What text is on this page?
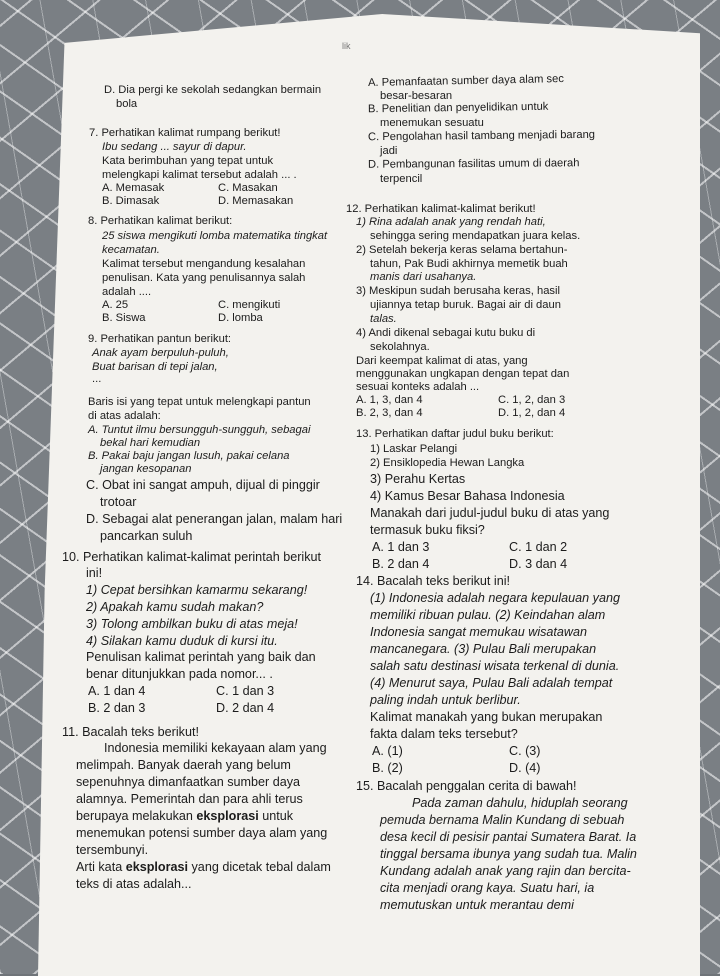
lik
D. Dia pergi ke sekolah sedangkan bermain
bola
7. Perhatikan kalimat rumpang berikut!
Ibu sedang ... sayur di dapur.
Kata berimbuhan yang tepat untuk
melengkapi kalimat tersebut adalah ... .
A. Memasak
B. Dimasak
C. Masakan
D. Memasakan
8. Perhatikan kalimat berikut:
25 siswa mengikuti lomba matematika tingkat
kecamatan.
Kalimat tersebut mengandung kesalahan
penulisan. Kata yang penulisannya salah
adalah ....
A. 25
B. Siswa
C. mengikuti
D. lomba
9. Perhatikan pantun berikut:
Anak ayam berpuluh-puluh,
Buat barisan di tepi jalan,
...
Baris isi yang tepat untuk melengkapi pantun
di atas adalah:
A. Tuntut ilmu bersungguh-sungguh, sebagai
bekal hari kemudian
B. Pakai baju jangan lusuh, pakai celana
jangan kesopanan
C. Obat ini sangat ampuh, dijual di pinggir
trotoar
D. Sebagai alat penerangan jalan, malam hari
pancarkan suluh
10. Perhatikan kalimat-kalimat perintah berikut
ini!
1) Cepat bersihkan kamarmu sekarang!
2) Apakah kamu sudah makan?
3) Tolong ambilkan buku di atas meja!
4) Silakan kamu duduk di kursi itu.
Penulisan kalimat perintah yang baik dan
benar ditunjukkan pada nomor... .
A. 1 dan 4
B. 2 dan 3
C. 1 dan 3
D. 2 dan 4
11. Bacalah teks berikut!
Indonesia memiliki kekayaan alam yang
melimpah. Banyak daerah yang belum
sepenuhnya dimanfaatkan sumber daya
alamnya. Pemerintah dan para ahli terus
berupaya melakukan eksplorasi untuk
menemukan potensi sumber daya alam yang
tersembunyi.
Arti kata eksplorasi yang dicetak tebal dalam
teks di atas adalah...
A. Pemanfaatan sumber daya alam sec
besar-besaran
B. Penelitian dan penyelidikan untuk
menemukan sesuatu
C. Pengolahan hasil tambang menjadi barang
jadi
D. Pembangunan fasilitas umum di daerah
terpencil
12. Perhatikan kalimat-kalimat berikut!
1) Rina adalah anak yang rendah hati,
sehingga sering mendapatkan juara kelas.
2) Setelah bekerja keras selama bertahun-
tahun, Pak Budi akhirnya memetik buah
manis dari usahanya.
3) Meskipun sudah berusaha keras, hasil
ujiannya tetap buruk. Bagai air di daun
talas.
4) Andi dikenal sebagai kutu buku di
sekolahnya.
Dari keempat kalimat di atas, yang
menggunakan ungkapan dengan tepat dan
sesuai konteks adalah ...
A. 1, 3, dan 4
B. 2, 3, dan 4
C. 1, 2, dan 3
D. 1, 2, dan 4
13. Perhatikan daftar judul buku berikut:
1) Laskar Pelangi
2) Ensiklopedia Hewan Langka
3) Perahu Kertas
4) Kamus Besar Bahasa Indonesia
Manakah dari judul-judul buku di atas yang
termasuk buku fiksi?
A. 1 dan 3
B. 2 dan 4
C. 1 dan 2
D. 3 dan 4
14. Bacalah teks berikut ini!
(1) Indonesia adalah negara kepulauan yang
memiliki ribuan pulau. (2) Keindahan alam
Indonesia sangat memukau wisatawan
mancanegara. (3) Pulau Bali merupakan
salah satu destinasi wisata terkenal di dunia.
(4) Menurut saya, Pulau Bali adalah tempat
paling indah untuk berlibur.
Kalimat manakah yang bukan merupakan
fakta dalam teks tersebut?
A. (1)
B. (2)
C. (3)
D. (4)
15. Bacalah penggalan cerita di bawah!
Pada zaman dahulu, hiduplah seorang
pemuda bernama Malin Kundang di sebuah
desa kecil di pesisir pantai Sumatera Barat. Ia
tinggal bersama ibunya yang sudah tua. Malin
Kundang adalah anak yang rajin dan bercita-
cita menjadi orang kaya. Suatu hari, ia
memutuskan untuk merantau demi
